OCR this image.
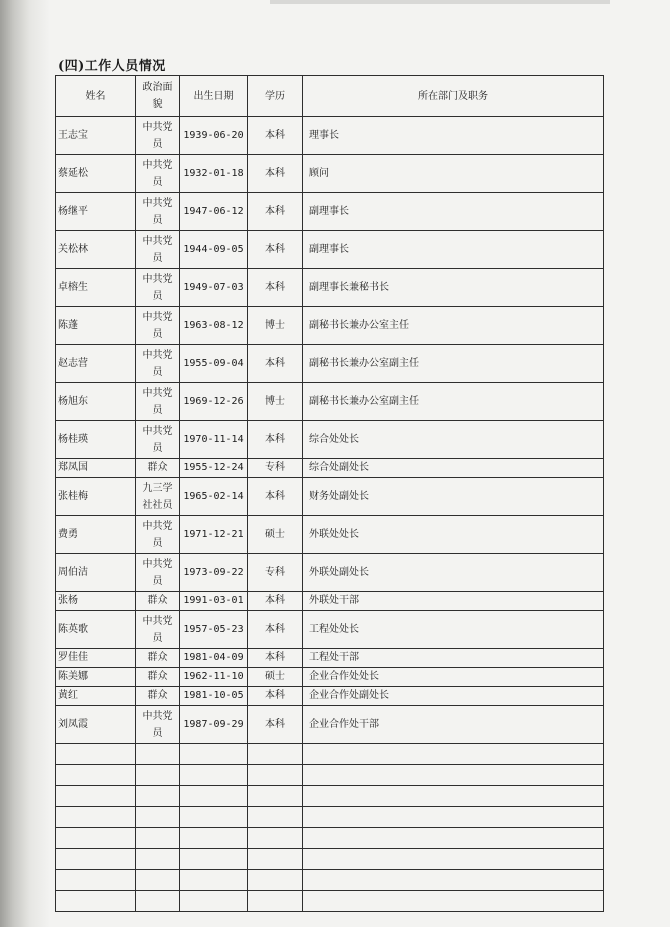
(四)工作人员情况
姓名	政治面貌	出生日期	学历	所在部门及职务
王志宝	中共党员	1939-06-20	本科	理事长
蔡延松	中共党员	1932-01-18	本科	顾问
杨继平	中共党员	1947-06-12	本科	副理事长
关松林	中共党员	1944-09-05	本科	副理事长
卓榕生	中共党员	1949-07-03	本科	副理事长兼秘书长
陈蓬	中共党员	1963-08-12	博士	副秘书长兼办公室主任
赵志营	中共党员	1955-09-04	本科	副秘书长兼办公室副主任
杨旭东	中共党员	1969-12-26	博士	副秘书长兼办公室副主任
杨桂瑛	中共党员	1970-11-14	本科	综合处处长
郑凤国	群众	1955-12-24	专科	综合处副处长
张桂梅	九三学社社员	1965-02-14	本科	财务处副处长
费勇	中共党员	1971-12-21	硕士	外联处处长
周伯洁	中共党员	1973-09-22	专科	外联处副处长
张杨	群众	1991-03-01	本科	外联处干部
陈英歌	中共党员	1957-05-23	本科	工程处处长
罗佳佳	群众	1981-04-09	本科	工程处干部
陈美娜	群众	1962-11-10	硕士	企业合作处处长
黄红	群众	1981-10-05	本科	企业合作处副处长
刘凤霞	中共党员	1987-09-29	本科	企业合作处干部
